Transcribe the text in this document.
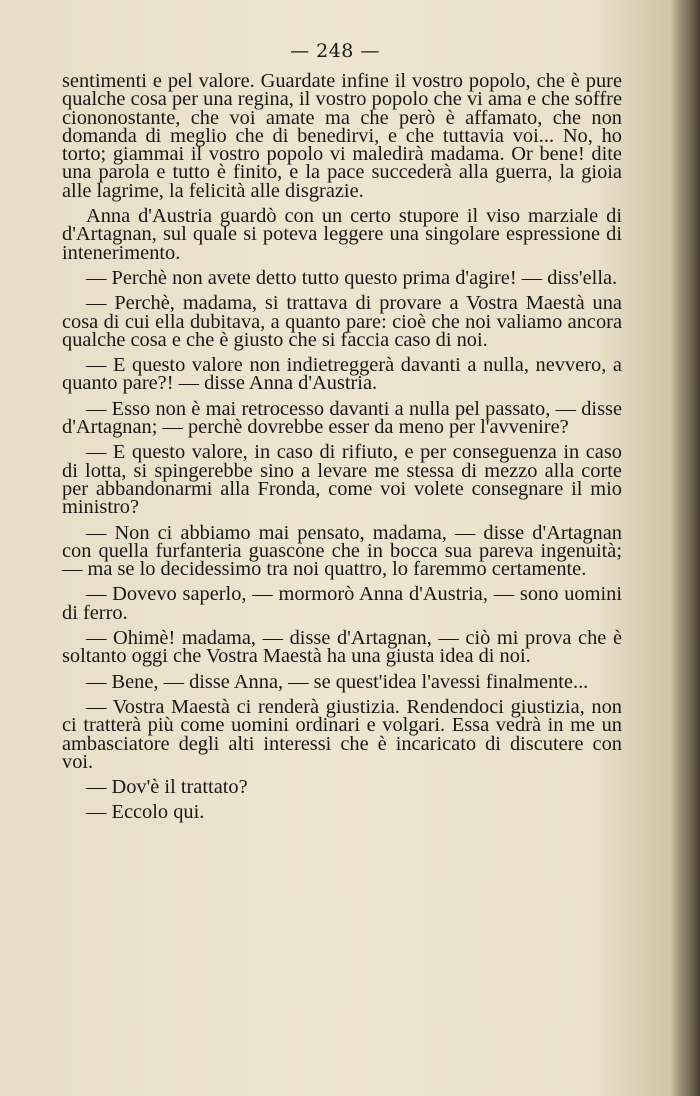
— 248 —

sentimenti e pel valore. Guardate infine il vostro popolo, che è pure qualche cosa per una regina, il vostro popolo che vi ama e che soffre ciononostante, che voi amate ma che però è affamato, che non domanda di meglio che di benedirvi, e che tuttavia voi... No, ho torto; giammai il vostro popolo vi maledirà madama. Or bene! dite una parola e tutto è finito, e la pace succederà alla guerra, la gioia alle lagrime, la felicità alle disgrazie.

Anna d'Austria guardò con un certo stupore il viso marziale di d'Artagnan, sul quale si poteva leggere una singolare espressione di intenerimento.

— Perchè non avete detto tutto questo prima d'agire! — diss'ella.

— Perchè, madama, si trattava di provare a Vostra Maestà una cosa di cui ella dubitava, a quanto pare: cioè che noi valiamo ancora qualche cosa e che è giusto che si faccia caso di noi.

— E questo valore non indietreggerà davanti a nulla, nevvero, a quanto pare?! — disse Anna d'Austria.

— Esso non è mai retrocesso davanti a nulla pel passato, — disse d'Artagnan; — perchè dovrebbe esser da meno per l'avvenire?

— E questo valore, in caso di rifiuto, e per conseguenza in caso di lotta, si spingerebbe sino a levare me stessa di mezzo alla corte per abbandonarmi alla Fronda, come voi volete consegnare il mio ministro?

— Non ci abbiamo mai pensato, madama, — disse d'Artagnan con quella furfanteria guascone che in bocca sua pareva ingenuità; — ma se lo decidessimo tra noi quattro, lo faremmo certamente.

— Dovevo saperlo, — mormorò Anna d'Austria, — sono uomini di ferro.

— Ohimè! madama, — disse d'Artagnan, — ciò mi prova che è soltanto oggi che Vostra Maestà ha una giusta idea di noi.

— Bene, — disse Anna, — se quest'idea l'avessi finalmente...

— Vostra Maestà ci renderà giustizia. Rendendoci giustizia, non ci tratterà più come uomini ordinari e volgari. Essa vedrà in me un ambasciatore degli alti interessi che è incaricato di discutere con voi.

— Dov'è il trattato?

— Eccolo qui.
